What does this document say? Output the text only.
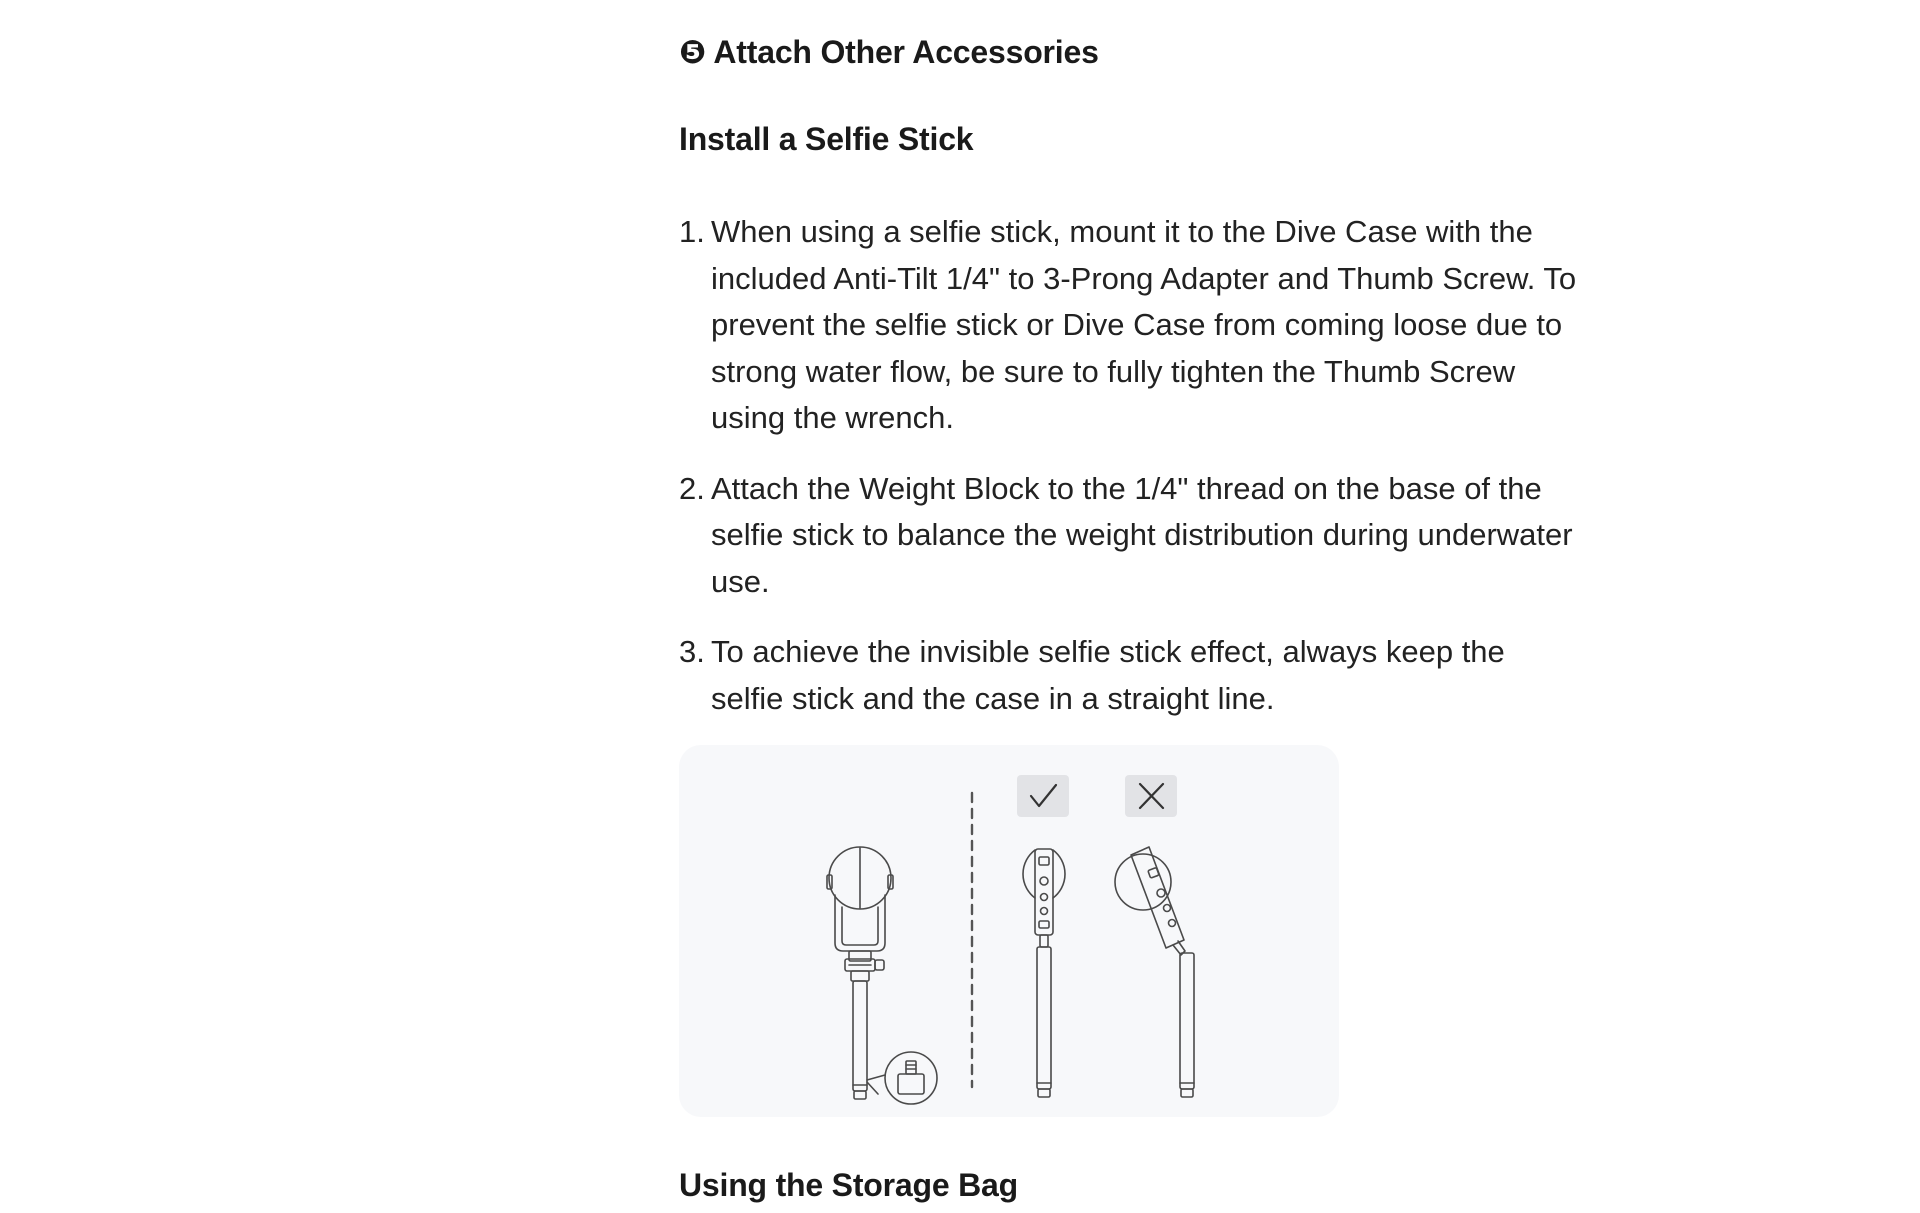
❺ Attach Other Accessories
Install a Selfie Stick
1. When using a selfie stick, mount it to the Dive Case with the included Anti-Tilt 1/4" to 3-Prong Adapter and Thumb Screw. To prevent the selfie stick or Dive Case from coming loose due to strong water flow, be sure to fully tighten the Thumb Screw using the wrench.
2. Attach the Weight Block to the 1/4" thread on the base of the selfie stick to balance the weight distribution during underwater use.
3. To achieve the invisible selfie stick effect, always keep the selfie stick and the case in a straight line.
Using the Storage Bag
